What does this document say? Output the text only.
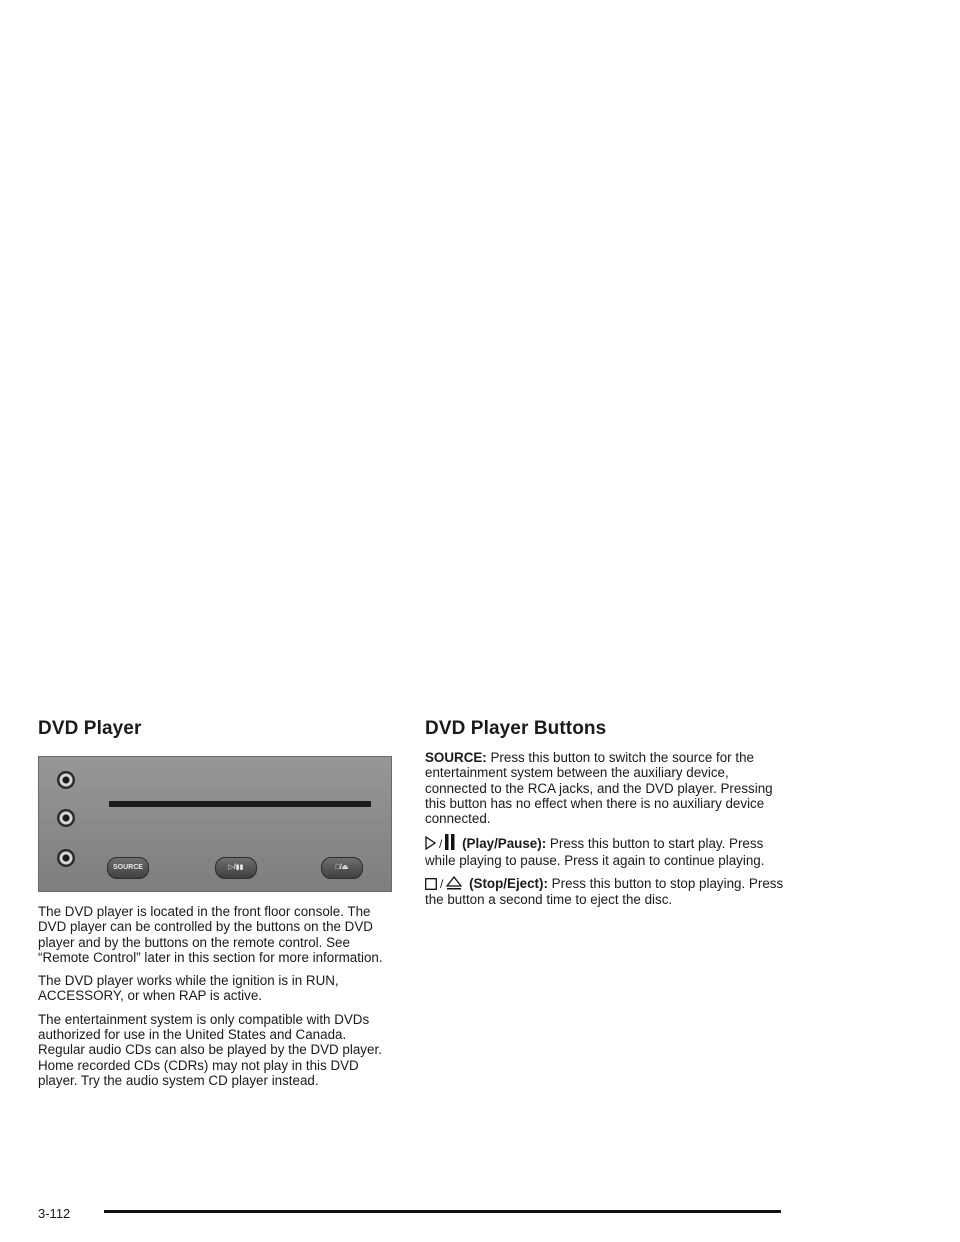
DVD Player
SOURCE	▷/▮▮	□/⏏

The DVD player is located in the front floor console. The DVD player can be controlled by the buttons on the DVD player and by the buttons on the remote control. See “Remote Control” later in this section for more information.

The DVD player works while the ignition is in RUN, ACCESSORY, or when RAP is active.

The entertainment system is only compatible with DVDs authorized for use in the United States and Canada. Regular audio CDs can also be played by the DVD player. Home recorded CDs (CDRs) may not play in this DVD player. Try the audio system CD player instead.

DVD Player Buttons

SOURCE: Press this button to switch the source for the entertainment system between the auxiliary device, connected to the RCA jacks, and the DVD player. Pressing this button has no effect when there is no auxiliary device connected.

/ (Play/Pause): Press this button to start play. Press while playing to pause. Press it again to continue playing.

/ (Stop/Eject): Press this button to stop playing. Press the button a second time to eject the disc.

3-112
